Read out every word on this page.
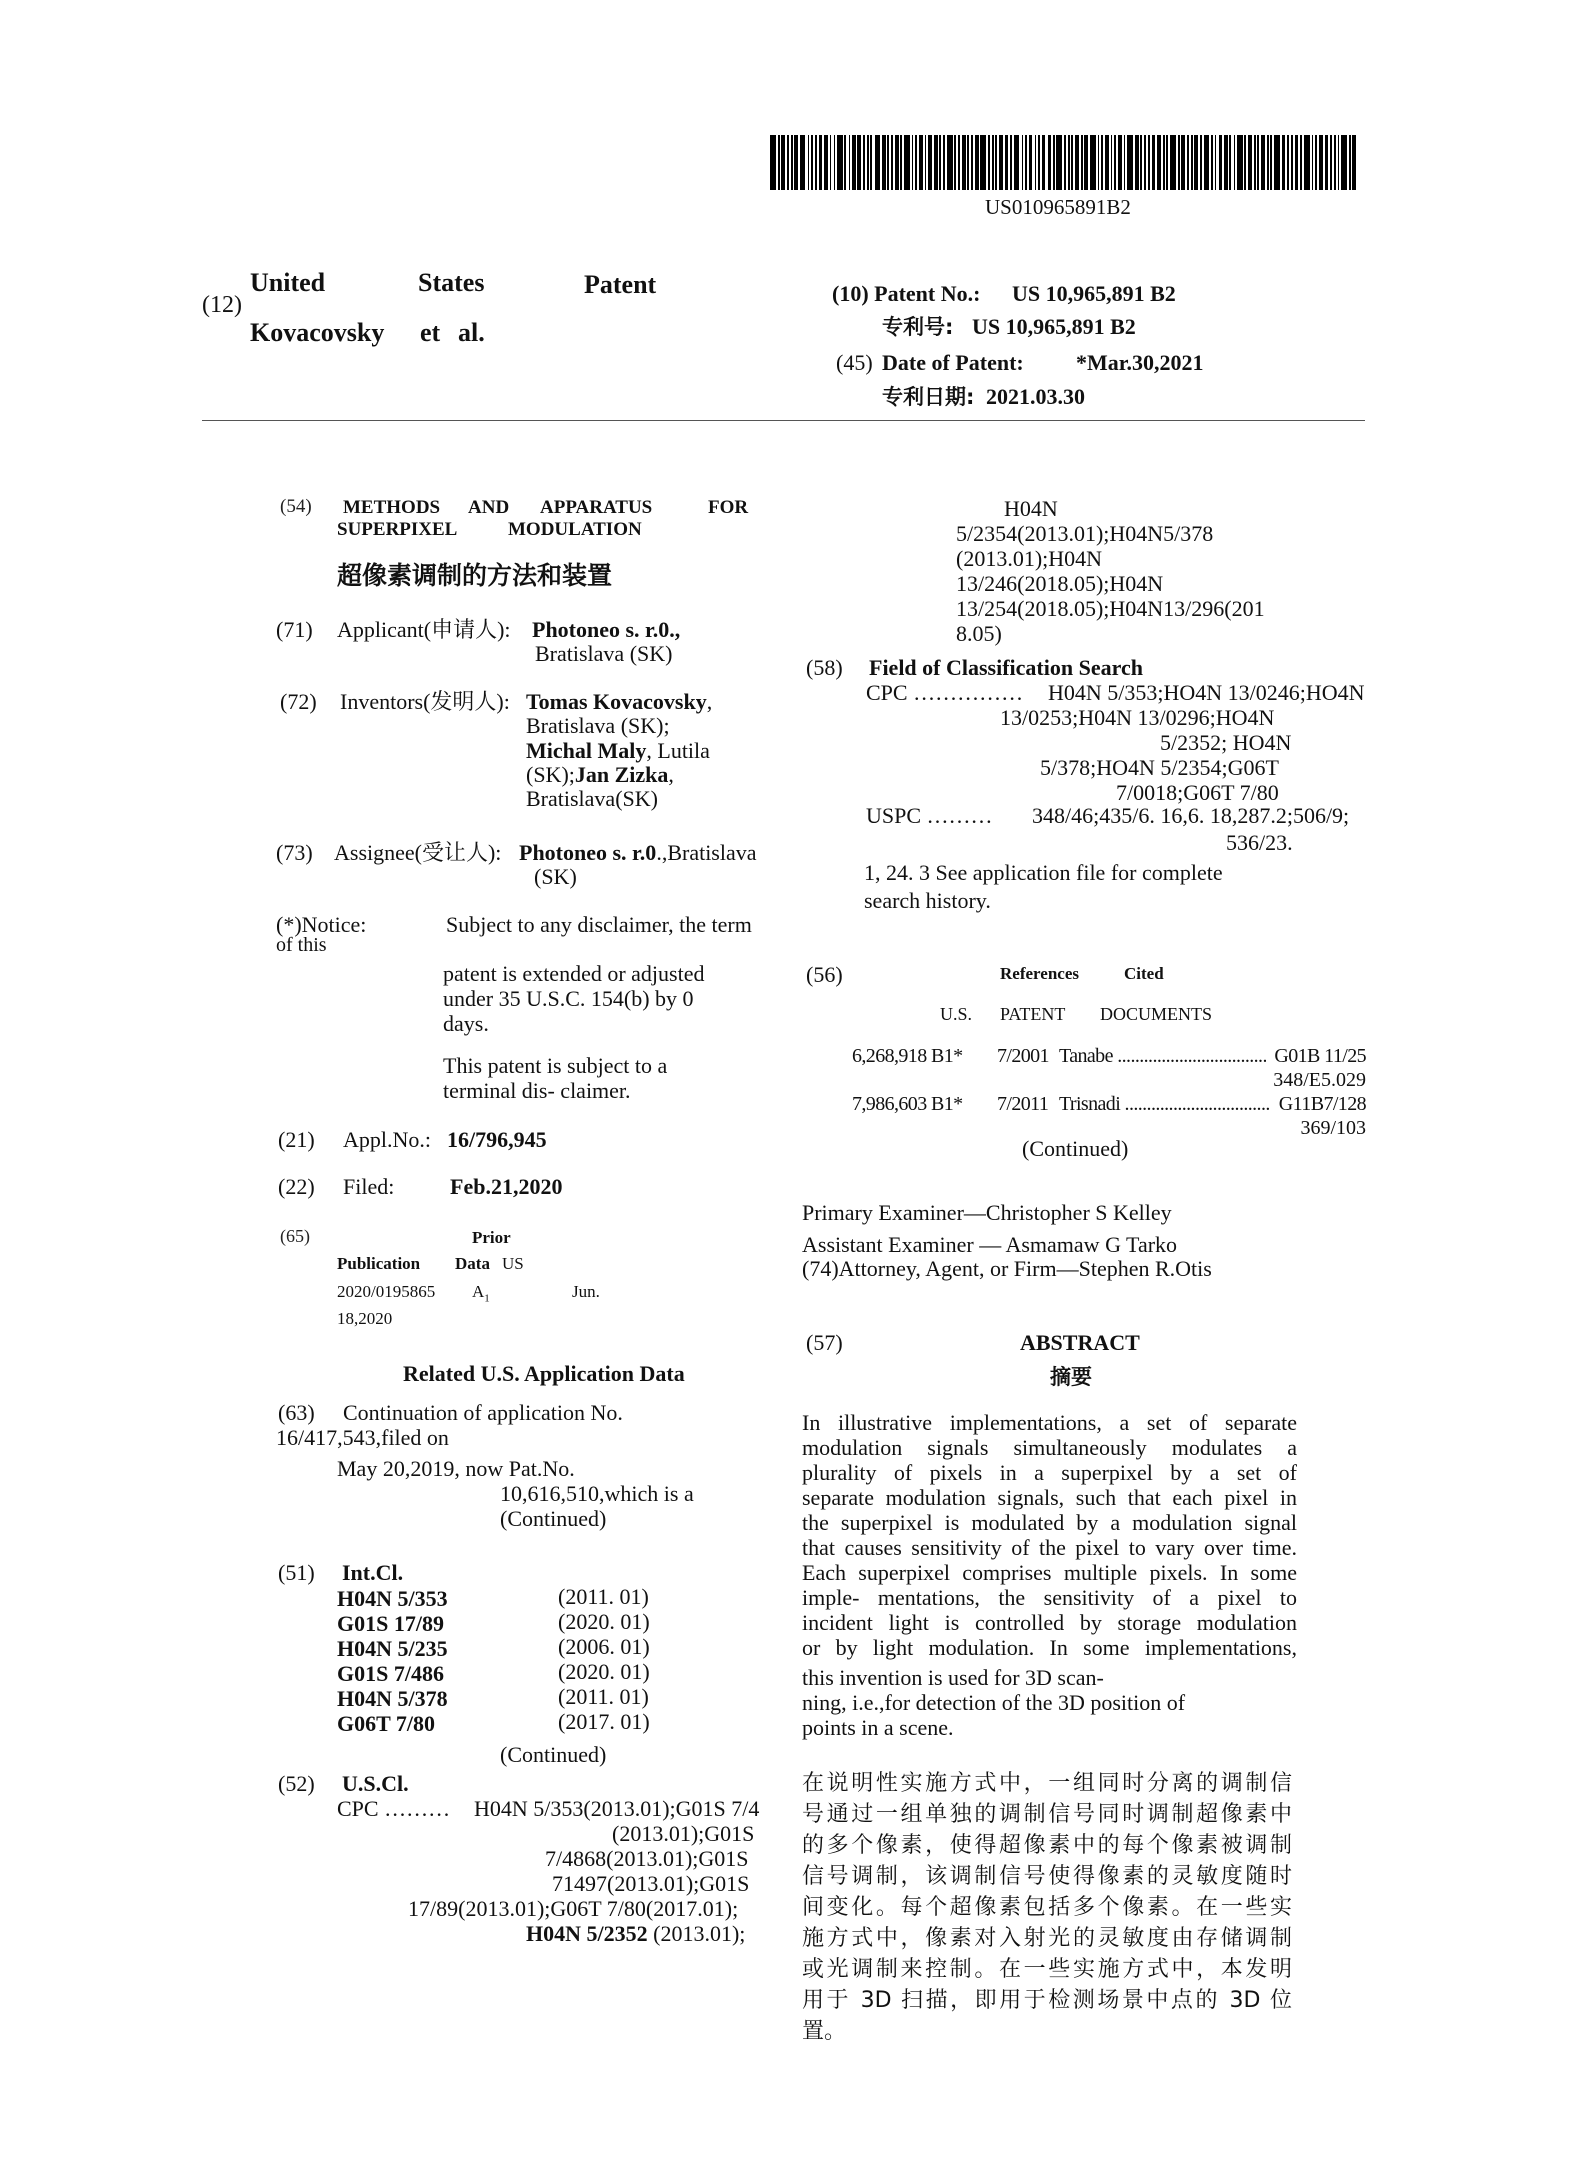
US010965891B2
(12)
United	States	Patent
Kovacovsky et al.
(10) Patent No.: US 10,965,891 B2
专利号: US 10,965,891 B2
(45) Date of Patent: *Mar.30,2021
专利日期: 2021.03.30
(54) METHODS AND APPARATUS	FOR
SUPERPIXEL	MODULATION
超像素调制的方法和装置
(71) Applicant(申请人): Photoneo s. r.0.,
Bratislava (SK)
(72) Inventors(发明人): Tomas Kovacovsky,
Bratislava (SK);
Michal Maly, Lutila
(SK);Jan Zizka,
Bratislava(SK)
(73) Assignee(受让人): Photoneo s. r.0.,Bratislava
(SK)
(*)Notice:
of this
Subject to any disclaimer, the term
patent is extended or adjusted
under 35 U.S.C. 154(b) by 0
days.
This patent is subject to a
terminal dis- claimer.
(21) Appl.No.: 16/796,945
(22) Filed:	Feb.21,2020
(65)	Prior
Publication Data US
2020/0195865 $A_1$	Jun.
18,2020
Related U.S. Application Data
(63) Continuation of application No.
16/417,543,filed on
May 20,2019, now Pat.No.
10,616,510,which is a
(Continued)
(51) Int.Cl.
H04N 5/353	(2011. 01)
G01S 17/89	(2020. 01)
H04N 5/235	(2006. 01)
G01S 7/486	(2020. 01)
H04N 5/378	(2011. 01)
G06T 7/80	(2017. 01)
(Continued)
(52) U.S.Cl.
CPC ……… H04N 5/353(2013.01);G01S 7/4
(2013.01);G01S
7/4868(2013.01);G01S
71497(2013.01);G01S
17/89(2013.01);G06T 7/80(2017.01);
H04N 5/2352 (2013.01);
H04N
5/2354(2013.01);H04N5/378
(2013.01);H04N
13/246(2018.05);H04N
13/254(2018.05);H04N13/296(201
8.05)
(58) Field of Classification Search
CPC …………… H04N 5/353;HO4N 13/0246;HO4N
13/0253;H04N 13/0296;HO4N
5/2352; HO4N
5/378;HO4N 5/2354;G06T
7/0018;G06T 7/80
USPC ……… 348/46;435/6. 16,6. 18,287.2;506/9;
536/23.
1, 24. 3 See application file for complete
search history.
(56)	References	Cited
U.S. PATENT DOCUMENTS
6,268,918 B1*	7/2001 Tanabe .....	G01B 11/25
348/E5.029
7,986,603 B1*	7/2011 Trisnadi .....	G11B7/128
369/103
(Continued)
Primary Examiner—Christopher S Kelley
Assistant Examiner — Asmamaw G Tarko
(74)Attorney, Agent, or Firm—Stephen R.Otis
(57)	ABSTRACT
摘要
In illustrative implementations, a set of separate
modulation signals simultaneously modulates a
plurality of pixels in a superpixel by a set of
separate modulation signals, such that each pixel in
the superpixel is modulated by a modulation signal
that causes sensitivity of the pixel to vary over time.
Each superpixel comprises multiple pixels. In some
imple- mentations, the sensitivity of a pixel to
incident light is controlled by storage modulation
or by light modulation. In some implementations,
this invention is used for 3D scan-
ning, i.e.,for detection of the 3D position of
points in a scene.
在说明性实施方式中，一组同时分离的调制信
号通过一组单独的调制信号同时调制超像素中
的多个像素，使得超像素中的每个像素被调制
信号调制，该调制信号使得像素的灵敏度随时
间变化。每个超像素包括多个像素。在一些实
施方式中，像素对入射光的灵敏度由存储调制
或光调制来控制。在一些实施方式中，本发明
用于 3D 扫描，即用于检测场景中点的 3D 位
置。
